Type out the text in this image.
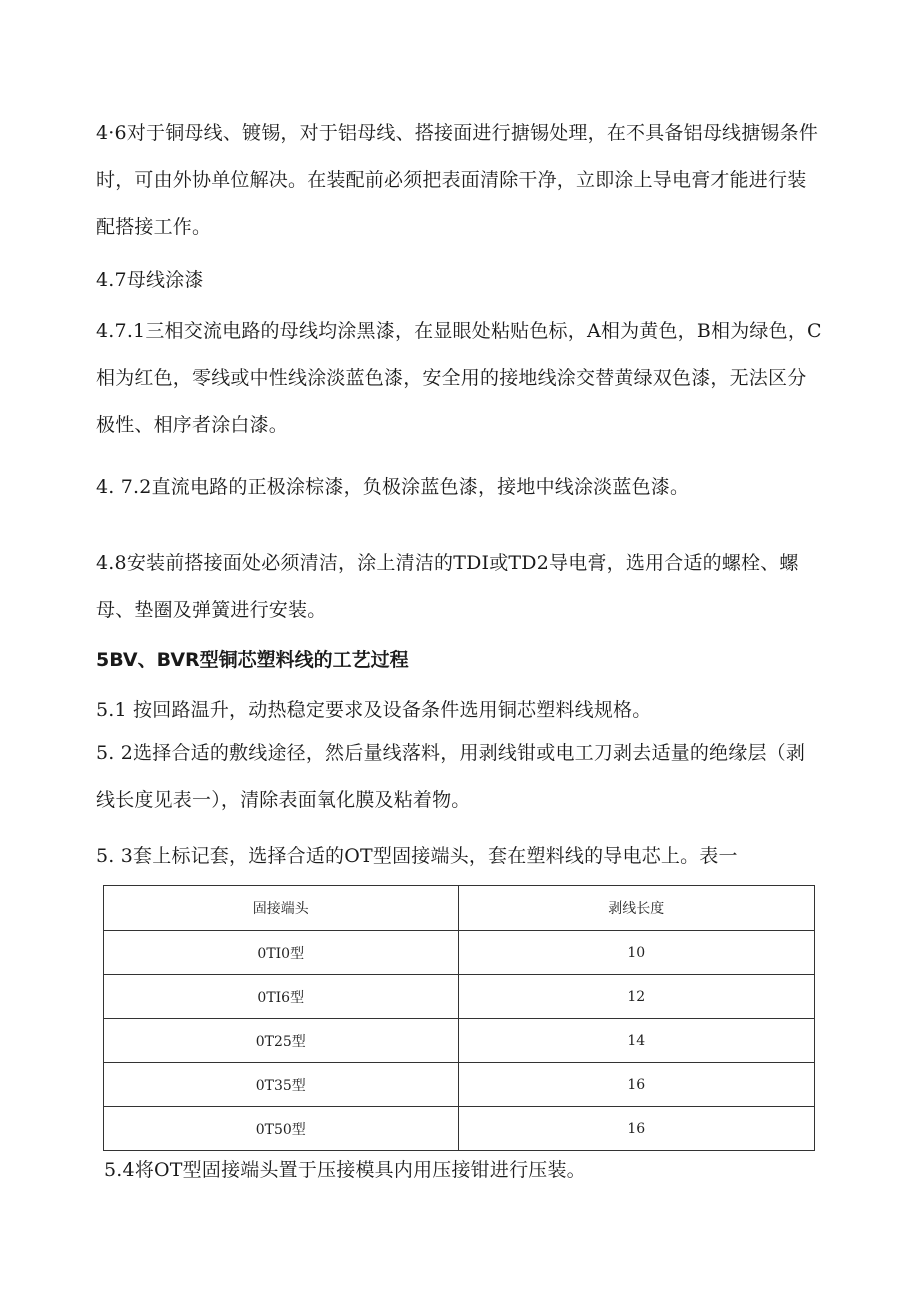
4·6对于铜母线、镀锡，对于铝母线、搭接面进行搪锡处理，在不具备铝母线搪锡条件时，可由外协单位解决。在装配前必须把表面清除干净，立即涂上导电膏才能进行装配搭接工作。

4.7母线涂漆

4.7.1三相交流电路的母线均涂黑漆，在显眼处粘贴色标，A相为黄色，B相为绿色，C相为红色，零线或中性线涂淡蓝色漆，安全用的接地线涂交替黄绿双色漆，无法区分极性、相序者涂白漆。

4. 7.2直流电路的正极涂棕漆，负极涂蓝色漆，接地中线涂淡蓝色漆。

4.8安装前搭接面处必须清洁，涂上清洁的TDI或TD2导电膏，选用合适的螺栓、螺母、垫圈及弹簧进行安装。

5BV、BVR型铜芯塑料线的工艺过程
5.1 按回路温升，动热稳定要求及设备条件选用铜芯塑料线规格。

5. 2选择合适的敷线途径，然后量线落料，用剥线钳或电工刀剥去适量的绝缘层（剥线长度见表一），清除表面氧化膜及粘着物。

5. 3套上标记套，选择合适的OT型固接端头，套在塑料线的导电芯上。表一
固接端头	剥线长度
0TI0型	10
0TI6型	12
0T25型	14
0T35型	16
0T50型	16
5.4将OT型固接端头置于压接模具内用压接钳进行压装。
